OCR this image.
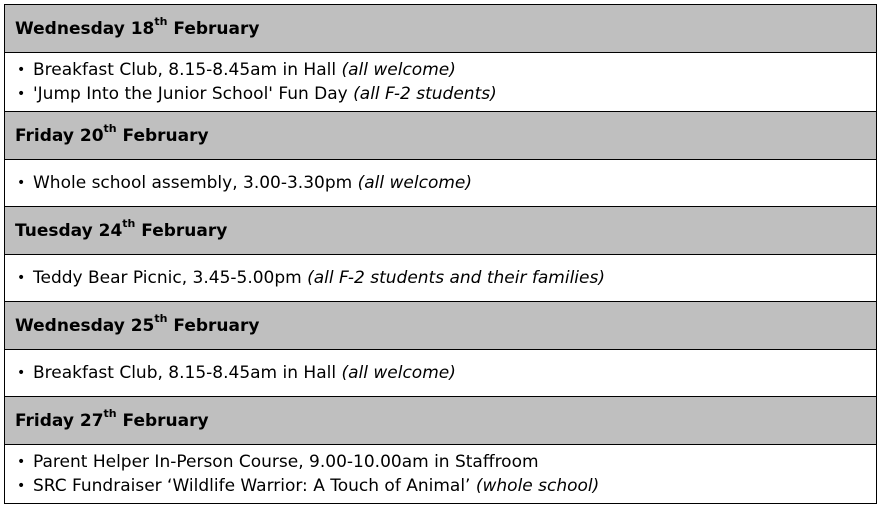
Wednesday 18th February

• Breakfast Club, 8.15-8.45am in Hall (all welcome)
• 'Jump Into the Junior School' Fun Day (all F-2 students)

Friday 20th February

• Whole school assembly, 3.00-3.30pm (all welcome)

Tuesday 24th February

• Teddy Bear Picnic, 3.45-5.00pm (all F-2 students and their families)

Wednesday 25th February

• Breakfast Club, 8.15-8.45am in Hall (all welcome)

Friday 27th February

• Parent Helper In-Person Course, 9.00-10.00am in Staffroom
• SRC Fundraiser ‘Wildlife Warrior: A Touch of Animal’ (whole school)
